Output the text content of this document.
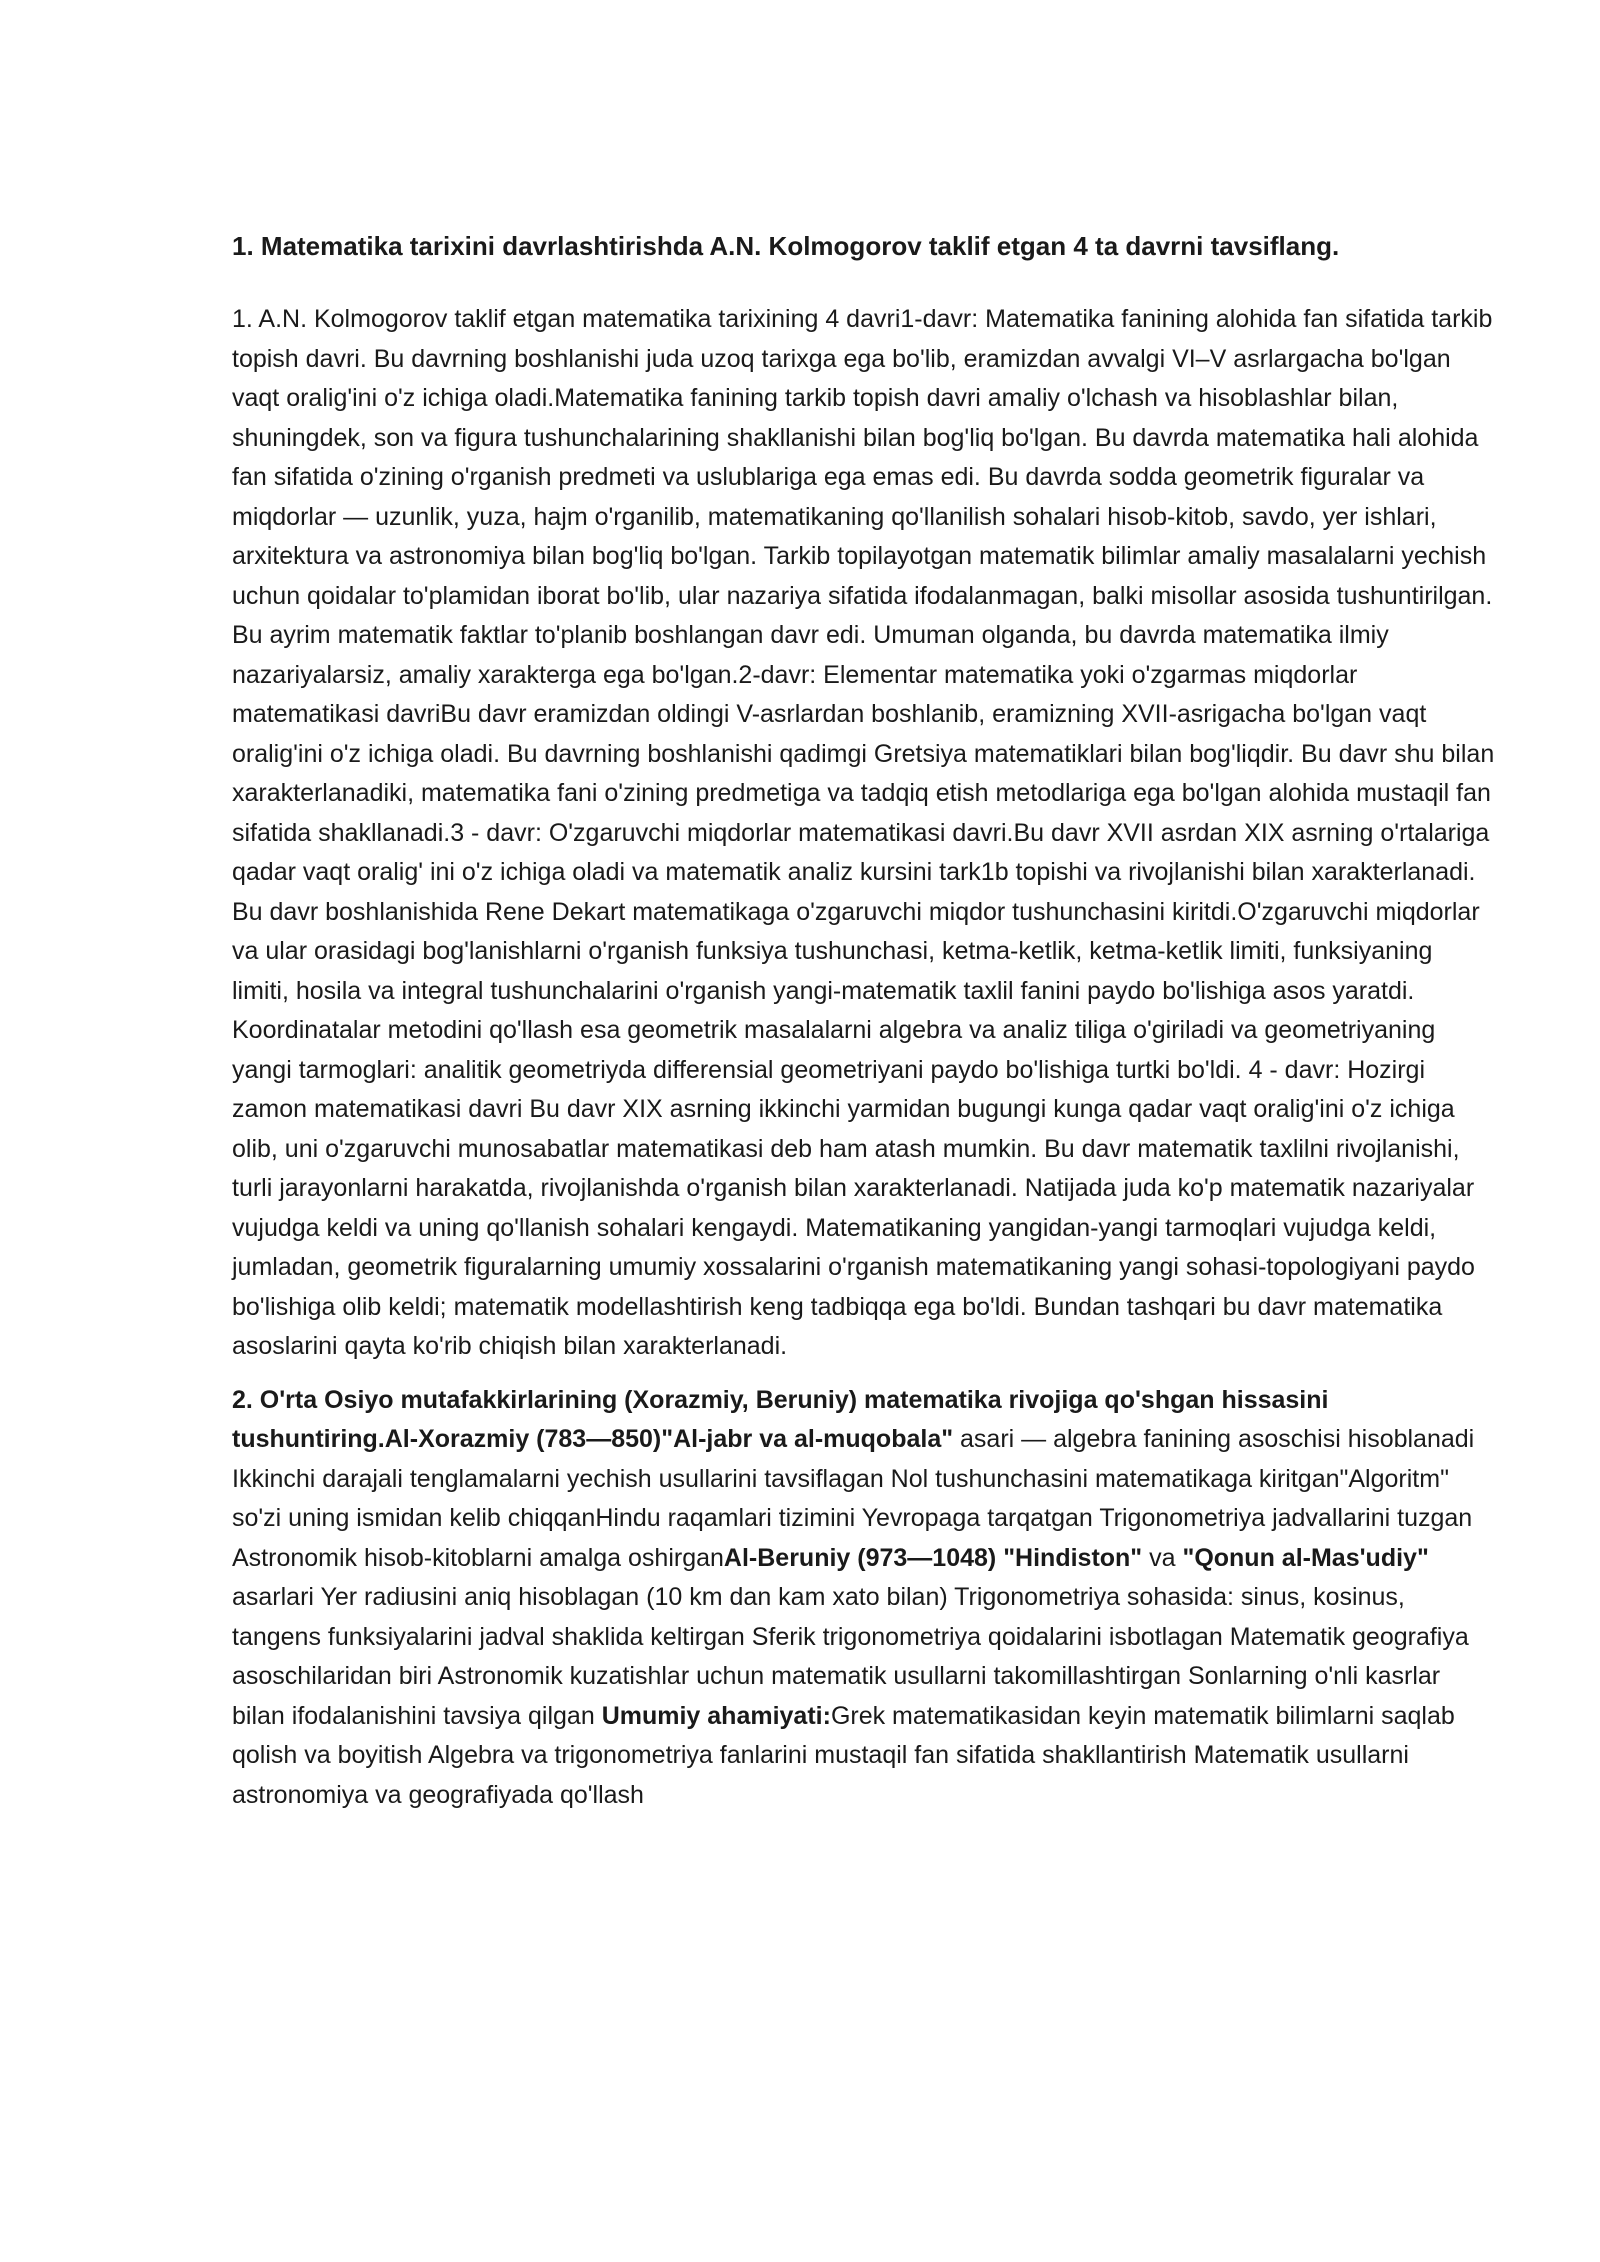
1. Matematika tarixini davrlashtirishda A.N. Kolmogorov taklif etgan 4 ta davrni tavsiflang.
1. A.N. Kolmogorov taklif etgan matematika tarixining 4 davri1-davr: Matematika fanining alohida fan sifatida tarkib topish davri. Bu davrning boshlanishi juda uzoq tarixga ega bo'lib, eramizdan avvalgi VI–V asrlargacha bo'lgan vaqt oralig'ini o'z ichiga oladi.Matematika fanining tarkib topish davri amaliy o'lchash va hisoblashlar bilan, shuningdek, son va figura tushunchalarining shakllanishi bilan bog'liq bo'lgan. Bu davrda matematika hali alohida fan sifatida o'zining o'rganish predmeti va uslublariga ega emas edi. Bu davrda sodda geometrik figuralar va miqdorlar — uzunlik, yuza, hajm o'rganilib, matematikaning qo'llanilish sohalari hisob-kitob, savdo, yer ishlari, arxitektura va astronomiya bilan bog'liq bo'lgan. Tarkib topilayotgan matematik bilimlar amaliy masalalarni yechish uchun qoidalar to'plamidan iborat bo'lib, ular nazariya sifatida ifodalanmagan, balki misollar asosida tushuntirilgan. Bu ayrim matematik faktlar to'planib boshlangan davr edi. Umuman olganda, bu davrda matematika ilmiy nazariyalarsiz, amaliy xarakterga ega bo'lgan.2-davr: Elementar matematika yoki o'zgarmas miqdorlar matematikasi davriBu davr eramizdan oldingi V-asrlardan boshlanib, eramizning XVII-asrigacha bo'lgan vaqt oralig'ini o'z ichiga oladi. Bu davrning boshlanishi qadimgi Gretsiya matematiklari bilan bog'liqdir. Bu davr shu bilan xarakterlanadiki, matematika fani o'zining predmetiga va tadqiq etish metodlariga ega bo'lgan alohida mustaqil fan sifatida shakllanadi.3 - davr: O'zgaruvchi miqdorlar matematikasi davri.Bu davr XVII asrdan XIX asrning o'rtalariga qadar vaqt oralig' ini o'z ichiga oladi va matematik analiz kursini tark1b topishi va rivojlanishi bilan xarakterlanadi. Bu davr boshlanishida Rene Dekart matematikaga o'zgaruvchi miqdor tushunchasini kiritdi.O'zgaruvchi miqdorlar va ular orasidagi bog'lanishlarni o'rganish funksiya tushunchasi, ketma-ketlik, ketma-ketlik limiti, funksiyaning limiti, hosila va integral tushunchalarini o'rganish yangi-matematik taxlil fanini paydo bo'lishiga asos yaratdi. Koordinatalar metodini qo'llash esa geometrik masalalarni algebra va analiz tiliga o'giriladi va geometriyaning yangi tarmoglari: analitik geometriyda differensial geometriyani paydo bo'lishiga turtki bo'ldi. 4 - davr: Hozirgi zamon matematikasi davri Bu davr XIX asrning ikkinchi yarmidan bugungi kunga qadar vaqt oralig'ini o'z ichiga olib, uni o'zgaruvchi munosabatlar matematikasi deb ham atash mumkin. Bu davr matematik taxlilni rivojlanishi, turli jarayonlarni harakatda, rivojlanishda o'rganish bilan xarakterlanadi. Natijada juda ko'p matematik nazariyalar vujudga keldi va uning qo'llanish sohalari kengaydi. Matematikaning yangidan-yangi tarmoqlari vujudga keldi, jumladan, geometrik figuralarning umumiy xossalarini o'rganish matematikaning yangi sohasi-topologiyani paydo bo'lishiga olib keldi; matematik modellashtirish keng tadbiqqa ega bo'ldi. Bundan tashqari bu davr matematika asoslarini qayta ko'rib chiqish bilan xarakterlanadi.
2. O'rta Osiyo mutafakkirlarining (Xorazmiy, Beruniy) matematika rivojiga qo'shgan hissasini tushuntiring.Al-Xorazmiy (783—850)"Al-jabr va al-muqobala" asari — algebra fanining asoschisi hisoblanadi Ikkinchi darajali tenglamalarni yechish usullarini tavsiflagan Nol tushunchasini matematikaga kiritgan"Algoritm" so'zi uning ismidan kelib chiqqanHindu raqamlari tizimini Yevropaga tarqatgan Trigonometriya jadvallarini tuzgan Astronomik hisob-kitoblarni amalga oshirganAl-Beruniy (973—1048) "Hindiston" va "Qonun al-Mas'udiy" asarlari Yer radiusini aniq hisoblagan (10 km dan kam xato bilan) Trigonometriya sohasida: sinus, kosinus, tangens funksiyalarini jadval shaklida keltirgan Sferik trigonometriya qoidalarini isbotlagan Matematik geografiya asoschilaridan biri Astronomik kuzatishlar uchun matematik usullarni takomillashtirgan Sonlarning o'nli kasrlar bilan ifodalanishini tavsiya qilgan Umumiy ahamiyati:Grek matematikasidan keyin matematik bilimlarni saqlab qolish va boyitish Algebra va trigonometriya fanlarini mustaqil fan sifatida shakllantirish Matematik usullarni astronomiya va geografiyada qo'llash
